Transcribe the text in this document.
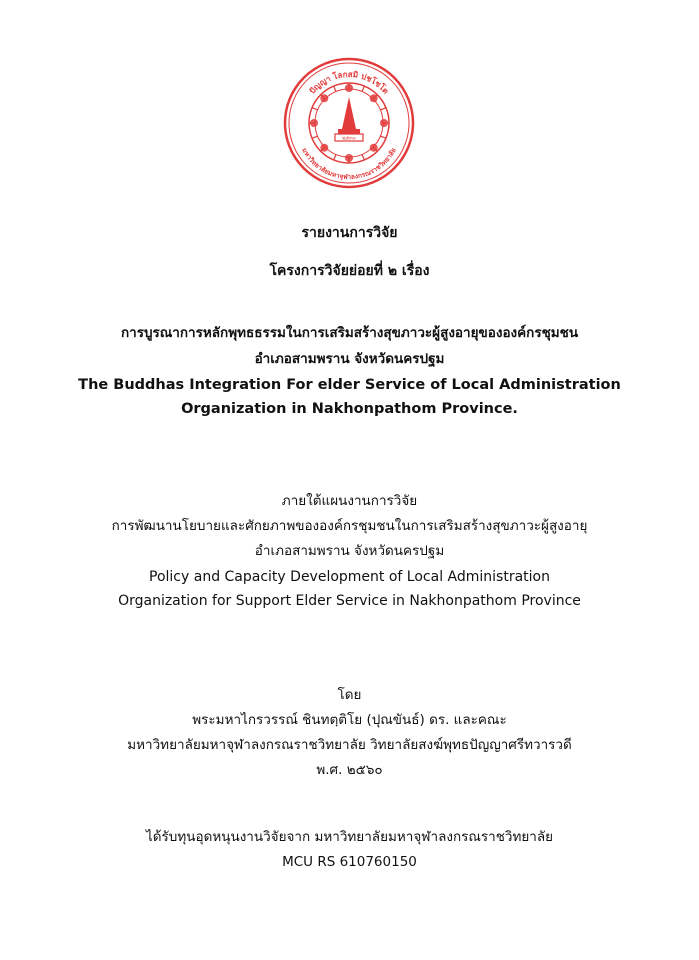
๒๕๓๐
ปัญญา โลกสมิ ปชโชโต
มหาวิทยาลัยมหาจุฬาลงกรณราชวิทยาลัย
รายงานการวิจัย
โครงการวิจัยย่อยที่ ๒ เรื่อง
การบูรณาการหลักพุทธธรรมในการเสริมสร้างสุขภาวะผู้สูงอายุขององค์กรชุมชน
อำเภอสามพราน จังหวัดนครปฐม
The Buddhas Integration For elder Service of Local Administration
Organization in Nakhonpathom Province.
ภายใต้แผนงานการวิจัย
การพัฒนานโยบายและศักยภาพขององค์กรชุมชนในการเสริมสร้างสุขภาวะผู้สูงอายุ
อำเภอสามพราน จังหวัดนครปฐม
Policy and Capacity Development of Local Administration
Organization for Support Elder Service in Nakhonpathom Province
โดย
พระมหาไกรวรรณ์ ชินทตฺติโย (ปุณขันธ์) ดร. และคณะ
มหาวิทยาลัยมหาจุฬาลงกรณราชวิทยาลัย วิทยาลัยสงฆ์พุทธปัญญาศรีทวารวดี
พ.ศ. ๒๕๖๐
ได้รับทุนอุดหนุนงานวิจัยจาก มหาวิทยาลัยมหาจุฬาลงกรณราชวิทยาลัย
MCU RS 610760150
